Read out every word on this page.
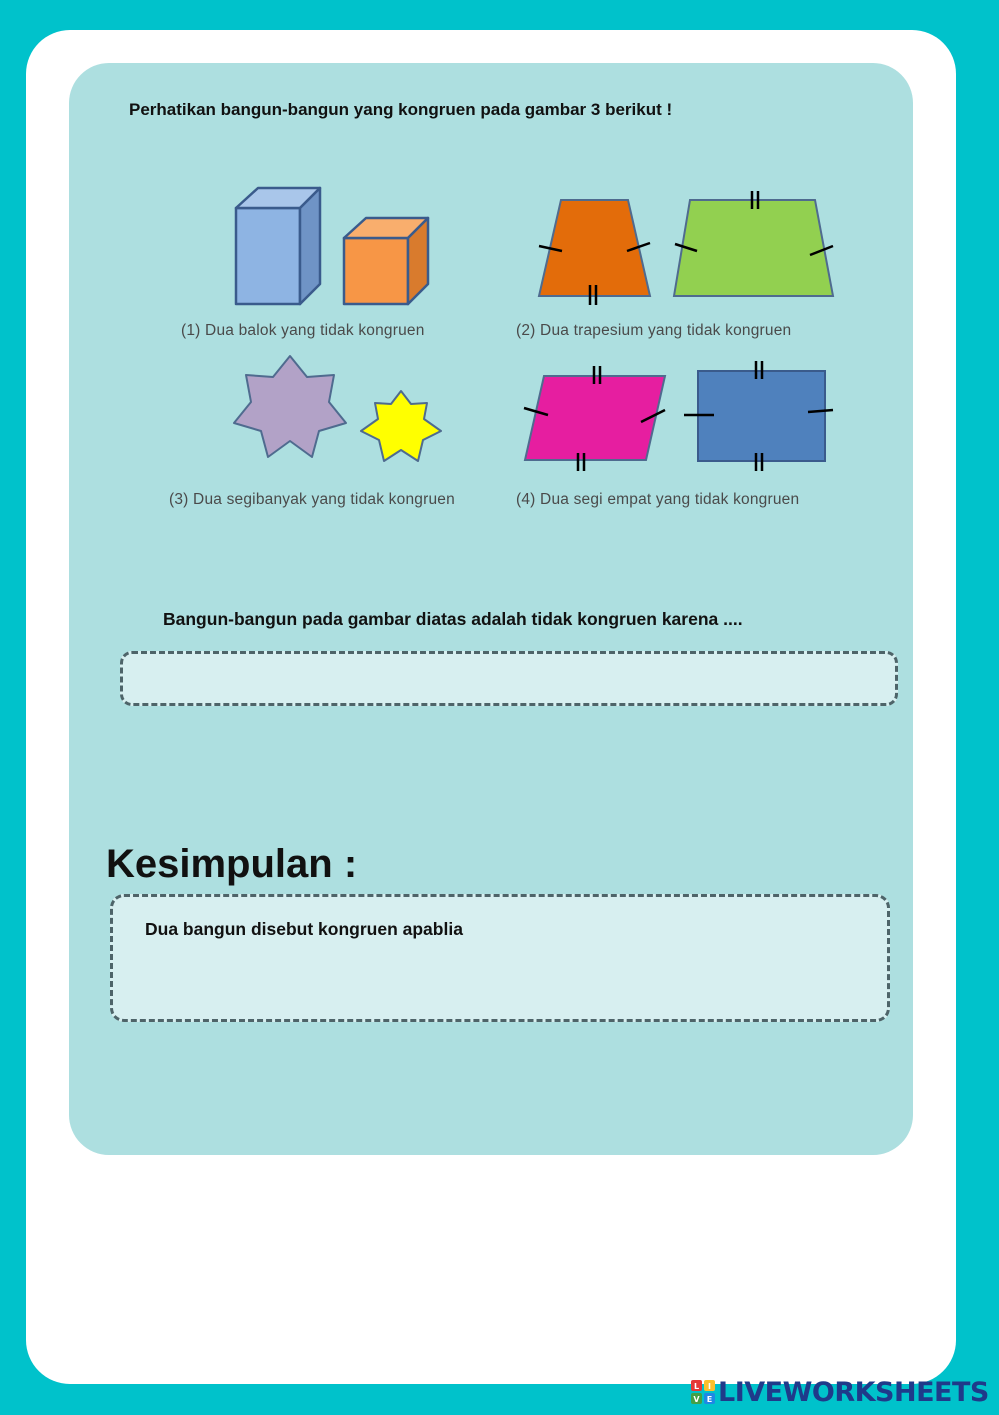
Perhatikan bangun-bangun yang kongruen pada gambar 3 berikut !
(1) Dua balok yang tidak kongruen	(2) Dua trapesium yang tidak kongruen
(3) Dua segibanyak yang tidak kongruen	(4) Dua segi empat yang tidak kongruen
Bangun-bangun pada gambar diatas adalah tidak kongruen karena ....
Kesimpulan :
Dua bangun disebut kongruen apablia
L I
V E LIVEWORKSHEETS
